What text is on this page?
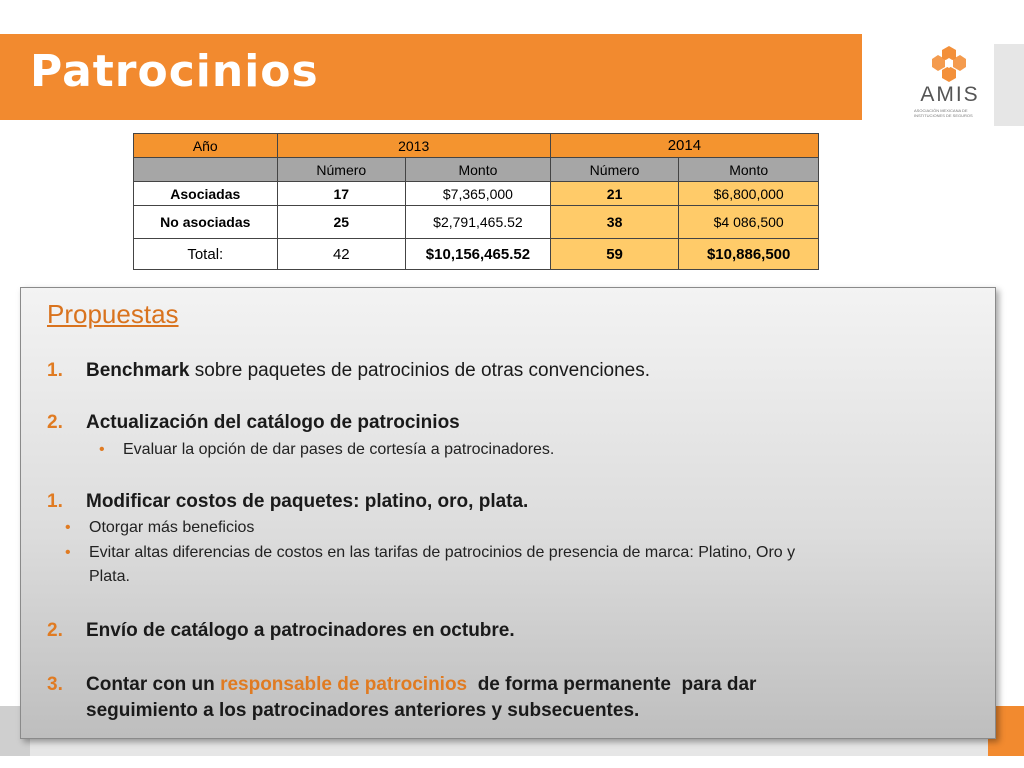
Patrocinios	AMIS
ASOCIACIÓN MEXICANA DE
INSTITUCIONES DE SEGUROS
Año	2013		2014	
	Número	Monto	Número	Monto
Asociadas	17	$7,365,000	21	$6,800,000
No asociadas	25	$2,791,465.52	38	$4 086,500
Total:	42	$10,156,465.52	59	$10,886,500
Propuestas
1. Benchmark sobre paquetes de patrocinios de otras convenciones.
2. Actualización del catálogo de patrocinios
• Evaluar la opción de dar pases de cortesía a patrocinadores.
1. Modificar costos de paquetes: platino, oro, plata.
• Otorgar más beneficios
• Evitar altas diferencias de costos en las tarifas de patrocinios de presencia de marca: Platino, Oro y
Plata.
2. Envío de catálogo a patrocinadores en octubre.
3. Contar con un responsable de patrocinios  de forma permanente  para dar
seguimiento a los patrocinadores anteriores y subsecuentes.
